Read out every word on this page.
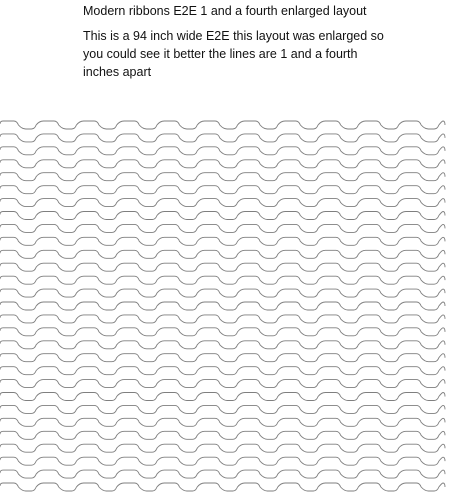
Modern ribbons E2E 1 and a fourth enlarged layout
This is a 94 inch wide E2E this layout was enlarged so
you could see it better the lines are 1 and a fourth
inches apart
